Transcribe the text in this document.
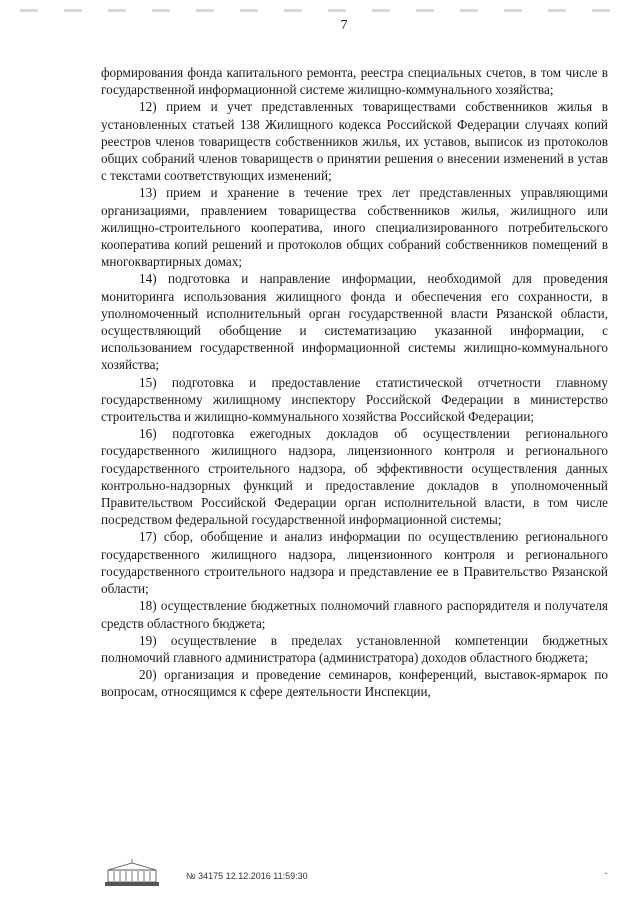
7

формирования фонда капитального ремонта, реестра специальных счетов, в том числе в государственной информационной системе жилищно-коммунального хозяйства;

12) прием и учет представленных товариществами собственников жилья в установленных статьей 138 Жилищного кодекса Российской Федерации случаях копий реестров членов товариществ собственников жилья, их уставов, выписок из протоколов общих собраний членов товариществ о принятии решения о внесении изменений в устав с текстами соответствующих изменений;

13) прием и хранение в течение трех лет представленных управляющими организациями, правлением товарищества собственников жилья, жилищного или жилищно-строительного кооператива, иного специализированного потребительского кооператива копий решений и протоколов общих собраний собственников помещений в многоквартирных домах;

14) подготовка и направление информации, необходимой для проведения мониторинга использования жилищного фонда и обеспечения его сохранности, в уполномоченный исполнительный орган государственной власти Рязанской области, осуществляющий обобщение и систематизацию указанной информации, с использованием государственной информационной системы жилищно-коммунального хозяйства;

15) подготовка и предоставление статистической отчетности главному государственному жилищному инспектору Российской Федерации в министерство строительства и жилищно-коммунального хозяйства Российской Федерации;

16) подготовка ежегодных докладов об осуществлении регионального государственного жилищного надзора, лицензионного контроля и регионального государственного строительного надзора, об эффективности осуществления данных контрольно-надзорных функций и предоставление докладов в уполномоченный Правительством Российской Федерации орган исполнительной власти, в том числе посредством федеральной государственной информационной системы;

17) сбор, обобщение и анализ информации по осуществлению регионального государственного жилищного надзора, лицензионного контроля и регионального государственного строительного надзора и представление ее в Правительство Рязанской области;

18) осуществление бюджетных полномочий главного распорядителя и получателя средств областного бюджета;

19) осуществление в пределах установленной компетенции бюджетных полномочий главного администратора (администратора) доходов областного бюджета;

20) организация и проведение семинаров, конференций, выставок-ярмарок по вопросам, относящимся к сфере деятельности Инспекции,

№ 34175 12.12.2016 11:59:30	ˇ
